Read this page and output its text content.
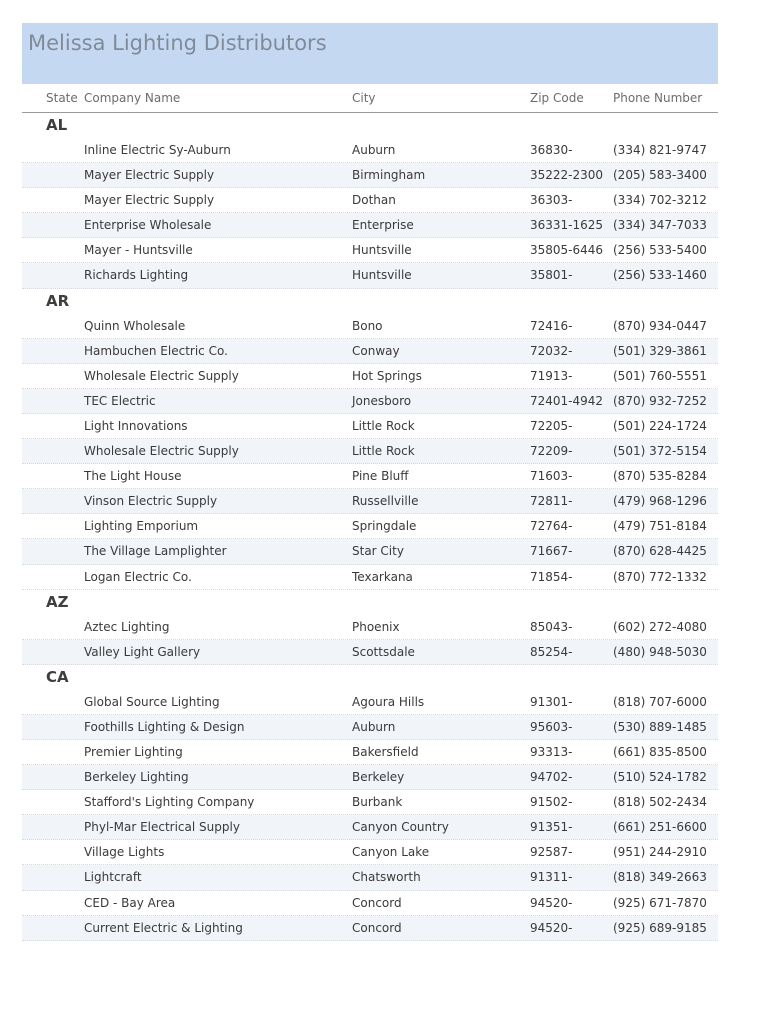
Melissa Lighting Distributors
State Company Name	City	Zip Code Phone Number
AL
Inline Electric Sy-Auburn	Auburn	36830-	(334) 821-9747
Mayer Electric Supply	Birmingham	35222-2300 (205) 583-3400
Mayer Electric Supply	Dothan	36303-	(334) 702-3212
Enterprise Wholesale	Enterprise	36331-1625 (334) 347-7033
Mayer - Huntsville	Huntsville	35805-6446 (256) 533-5400
Richards Lighting	Huntsville	35801-	(256) 533-1460
AR
Quinn Wholesale	Bono	72416-	(870) 934-0447
Hambuchen Electric Co.	Conway	72032-	(501) 329-3861
Wholesale Electric Supply	Hot Springs	71913-	(501) 760-5551
TEC Electric	Jonesboro	72401-4942 (870) 932-7252
Light Innovations	Little Rock	72205-	(501) 224-1724
Wholesale Electric Supply	Little Rock	72209-	(501) 372-5154
The Light House	Pine Bluff	71603-	(870) 535-8284
Vinson Electric Supply	Russellville	72811-	(479) 968-1296
Lighting Emporium	Springdale	72764-	(479) 751-8184
The Village Lamplighter	Star City	71667-	(870) 628-4425
Logan Electric Co.	Texarkana	71854-	(870) 772-1332
AZ
Aztec Lighting	Phoenix	85043-	(602) 272-4080
Valley Light Gallery	Scottsdale	85254-	(480) 948-5030
CA
Global Source Lighting	Agoura Hills	91301-	(818) 707-6000
Foothills Lighting & Design	Auburn	95603-	(530) 889-1485
Premier Lighting	Bakersfield	93313-	(661) 835-8500
Berkeley Lighting	Berkeley	94702-	(510) 524-1782
Stafford's Lighting Company	Burbank	91502-	(818) 502-2434
Phyl-Mar Electrical Supply	Canyon Country	91351-	(661) 251-6600
Village Lights	Canyon Lake	92587-	(951) 244-2910
Lightcraft	Chatsworth	91311-	(818) 349-2663
CED - Bay Area	Concord	94520-	(925) 671-7870
Current Electric & Lighting	Concord	94520-	(925) 689-9185
